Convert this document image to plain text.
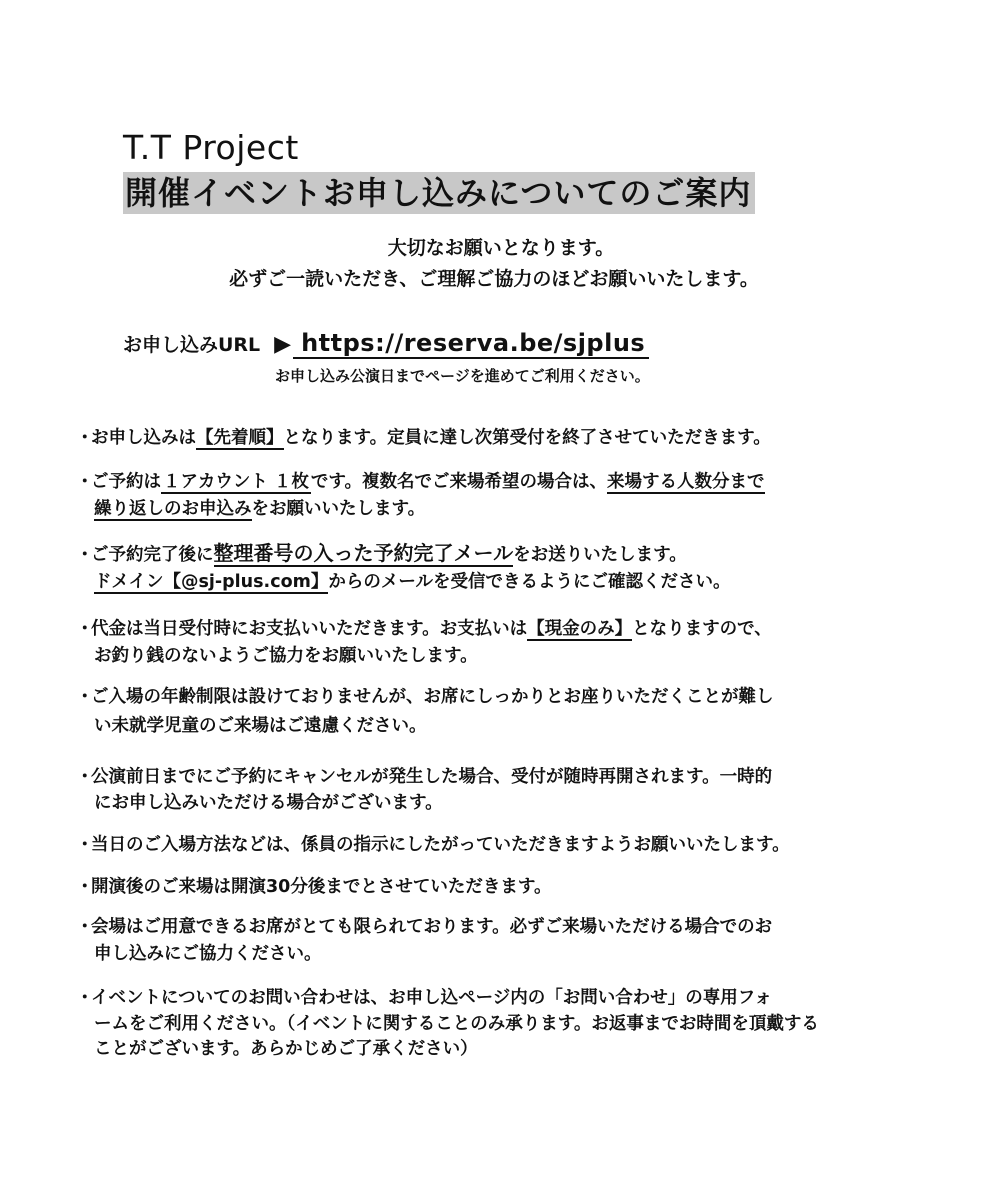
T.T Project
開催イベントお申し込みについてのご案内
大切なお願いとなります。
必ずご一読いただき、ご理解ご協力のほどお願いいたします。
お申し込みURL ▶ https://reserva.be/sjplus
お申し込み公演日までページを進めてご利用ください。
・お申し込みは【先着順】となります。定員に達し次第受付を終了させていただきます。
・ご予約は １アカウント １枚 です。複数名でご来場希望の場合は、来場する人数分まで
繰り返しのお申込みをお願いいたします。
・ご予約完了後に整理番号の入った予約完了メールをお送りいたします。
ドメイン【@sj-plus.com】からのメールを受信できるようにご確認ください。
・代金は当日受付時にお支払いいただきます。お支払いは【現金のみ】となりますので、
お釣り銭のないようご協力をお願いいたします。
・ご入場の年齢制限は設けておりませんが、お席にしっかりとお座りいただくことが難し
い未就学児童のご来場はご遠慮ください。
・公演前日までにご予約にキャンセルが発生した場合、受付が随時再開されます。一時的
にお申し込みいただける場合がございます。
・当日のご入場方法などは、係員の指示にしたがっていただきますようお願いいたします。
・開演後のご来場は開演30分後までとさせていただきます。
・会場はご用意できるお席がとても限られております。必ずご来場いただける場合でのお
申し込みにご協力ください。
・イベントについてのお問い合わせは、お申し込ページ内の「お問い合わせ」の専用フォ
ームをご利用ください。（イベントに関することのみ承ります。お返事までお時間を頂戴する
ことがございます。あらかじめご了承ください）
